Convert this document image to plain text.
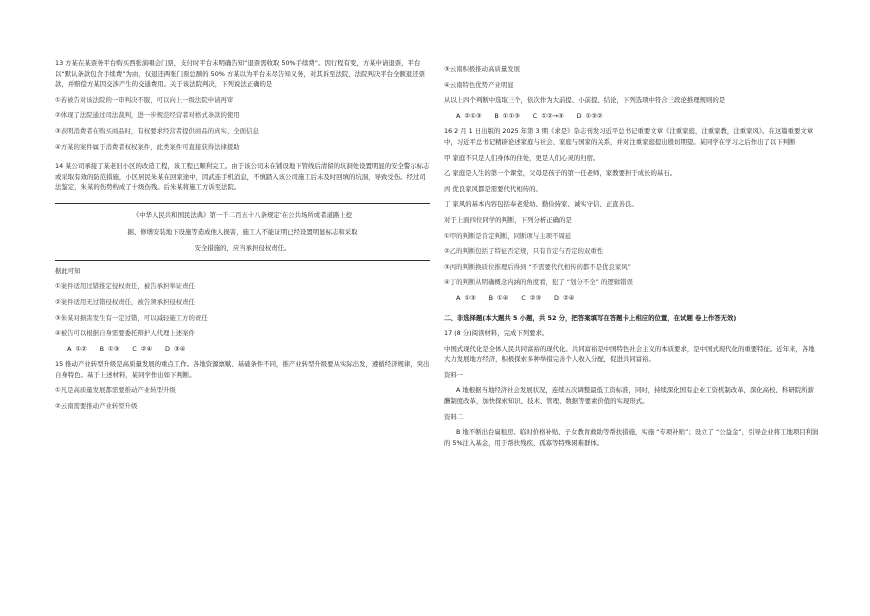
13 方某在某票务平台购买西张演唱会门票，支付时平台未明确告知“退票需收取 50%手续费”。因行程有变，方某申请退票，平台以“默认条款包含手续费”为由，仅退还两张门票总额的 50% 方某以为平台未尽告知义务，对其诉至法院，法院判决平台全额退还票款，并赔偿方某因交涉产生的交通费用。关于该法院判决，下列说法正确的是

①若被告对该法院的一审判决不服，可以向上一级法院申请再审

②体现了法院通过司法裁判，进一步规范经营者对格式条款的使用

③表明消费者在购买商品时，有权要求经营者提供商品的真实、全面信息

④方某的案件属于消费者权权案件，此类案件可直接获得法律援助

14 某公司承接了某老旧小区的改造工程，该工程已顺利完工。由于该公司未在铺设地下管线后清留的坑洞处设置明显的安全警示标志或采取有效的防范措施，小区居民朱某在回家途中，因武连手机消息，不慎踏入该公司施工后未及时回填的坑洞，导致受伤。经过司法鉴定，朱某的伤势构成了十级伤残。后朱某将施工方诉至法院。

《中华人民共和国民法典》第一千二百五十八条规定‘在公共场所或者道路上挖

掘、修缮安装地下设施等造成他人损害，施工人不能证明已经设置明显标志和采取

安全措施的，应当承担侵权责任。

据此可知

①案件适用过错推定侵权责任，被告承担举证责任

②案件适用无过错侵权责任，被告须承担侵权责任

③朱某对损害发生有一定过错，可以减轻施工方的责任

④被告可以根据自身需要委托辩护人代理上述案件

A ①②　　B ①③　　C ②④　　D ③④

15 推动产业转型升级是高质量发展的重点工作。各地资源禀赋、基础条件不同，推产业转型升级要从实际出发，遵循经济规律，突出自身特色。基于上述材料，某同学作出如下判断。

①凡是高质量发展都需要推动产业转型升级

②云南需要推动产业转型升级

③云南积极推动高质量发展

④云南特色优势产业明显

从以上四个判断中选取三个，依次作为大前提、小前提、结论，下列选项中符合三段论推理规则的是

A ②①③　　B ①①③　　C ①②→③　　D ①③②

16 2 月 1 日出版的 2025 年第 3 期《求是》杂志刊发习近平总书记重要文章《注重家庭，注重家教，注重家风》。在这篇重要文章中，习近平总书记精辟论述家庭与社会、家庭与国家的关系，并对注重家庭提出殷切期望。某同学在学习之后作出了以下判断

甲 家庭不只是人们身体的住处，更是人们心灵的归宿。

乙 家庭是人生的第一个课堂，父母是孩子的第一任老师，家教要担于成长的基石。

丙 优良家风都是需要代代相传的。

丁 家风的基本内容包括奉老爱幼、勤俭持家、诚实守信、正直善良。

对于上面四位同学的判断，下列分析正确的是

①甲的判断是肯定判断，同断项与主项不周延

②乙的判断包括了特征否定规，只有肯定与否定的双重性

③丙的判断换质位推理后得到 “不需要代代相传的都不是优良家风”

④丁的判断从明确概念内涵的角度看，犯了 “划分不全” 的逻辑错误

A ①③　　B ①④　　C ②③　　D ②④

二、非选择题(本大题共 5 小题，共 52 分，把答案填写在答题卡上相应的位置，在试题 卷上作答无效)

17 (8 分)阅读材料，完成下列要求。

中国式现代化是全体人民共同富裕的现代化。共同富裕是中国特色社会主义的本质要求，是中国式现代化的重要特征。近年来，各地大力发展地方经济，积极探索多种举措完善个人收入分配，促进共同富裕。

资料一

A 地根据当地经济社会发展状况，连续五次调整最低工资标准，同时，持续深化国有企业工资机制改革，深化高校、科研院所薪酬制度改革，加快探索知识、技术、管理、数据等要素价值的实现形式。

资料二

B 地不断出台扁租房、临时价格补贴、子女教育救助等帮扶措施，实施 “专项补贴”；设立了 “公益金”，引导企业将工地项目利润的 5%注入基金，用于帮扶残疾、孤寡等特殊困难群体。
